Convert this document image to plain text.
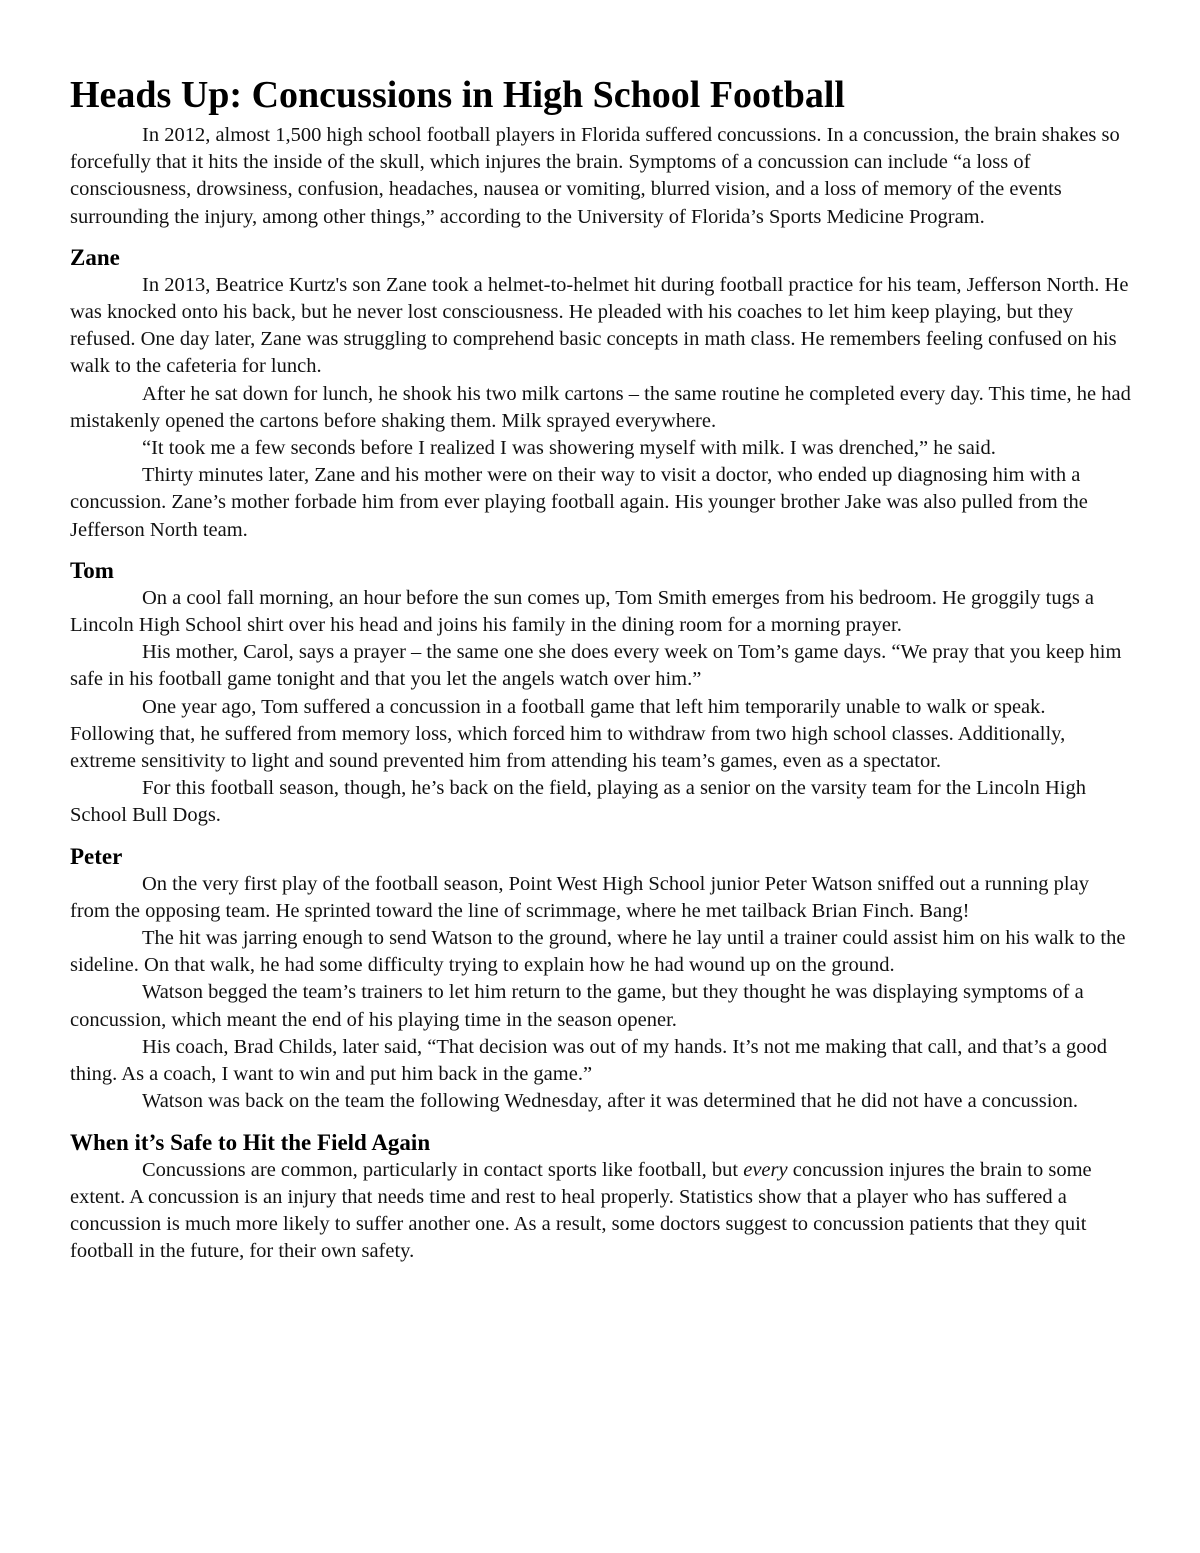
Heads Up: Concussions in High School Football

In 2012, almost 1,500 high school football players in Florida suffered concussions. In a concussion, the brain shakes so forcefully that it hits the inside of the skull, which injures the brain. Symptoms of a concussion can include “a loss of consciousness, drowsiness, confusion, headaches, nausea or vomiting, blurred vision, and a loss of memory of the events surrounding the injury, among other things,” according to the University of Florida’s Sports Medicine Program.

Zane

In 2013, Beatrice Kurtz's son Zane took a helmet-to-helmet hit during football practice for his team, Jefferson North. He was knocked onto his back, but he never lost consciousness. He pleaded with his coaches to let him keep playing, but they refused. One day later, Zane was struggling to comprehend basic concepts in math class. He remembers feeling confused on his walk to the cafeteria for lunch.

After he sat down for lunch, he shook his two milk cartons – the same routine he completed every day. This time, he had mistakenly opened the cartons before shaking them. Milk sprayed everywhere.

“It took me a few seconds before I realized I was showering myself with milk. I was drenched,” he said.

Thirty minutes later, Zane and his mother were on their way to visit a doctor, who ended up diagnosing him with a concussion. Zane’s mother forbade him from ever playing football again. His younger brother Jake was also pulled from the Jefferson North team.

Tom

On a cool fall morning, an hour before the sun comes up, Tom Smith emerges from his bedroom. He groggily tugs a Lincoln High School shirt over his head and joins his family in the dining room for a morning prayer.

His mother, Carol, says a prayer – the same one she does every week on Tom’s game days. “We pray that you keep him safe in his football game tonight and that you let the angels watch over him.”

One year ago, Tom suffered a concussion in a football game that left him temporarily unable to walk or speak. Following that, he suffered from memory loss, which forced him to withdraw from two high school classes. Additionally, extreme sensitivity to light and sound prevented him from attending his team’s games, even as a spectator.

For this football season, though, he’s back on the field, playing as a senior on the varsity team for the Lincoln High School Bull Dogs.

Peter

On the very first play of the football season, Point West High School junior Peter Watson sniffed out a running play from the opposing team. He sprinted toward the line of scrimmage, where he met tailback Brian Finch. Bang!

The hit was jarring enough to send Watson to the ground, where he lay until a trainer could assist him on his walk to the sideline. On that walk, he had some difficulty trying to explain how he had wound up on the ground.

Watson begged the team’s trainers to let him return to the game, but they thought he was displaying symptoms of a concussion, which meant the end of his playing time in the season opener.

His coach, Brad Childs, later said, “That decision was out of my hands. It’s not me making that call, and that’s a good thing. As a coach, I want to win and put him back in the game.”

Watson was back on the team the following Wednesday, after it was determined that he did not have a concussion.

When it’s Safe to Hit the Field Again

Concussions are common, particularly in contact sports like football, but every concussion injures the brain to some extent. A concussion is an injury that needs time and rest to heal properly. Statistics show that a player who has suffered a concussion is much more likely to suffer another one. As a result, some doctors suggest to concussion patients that they quit football in the future, for their own safety.
